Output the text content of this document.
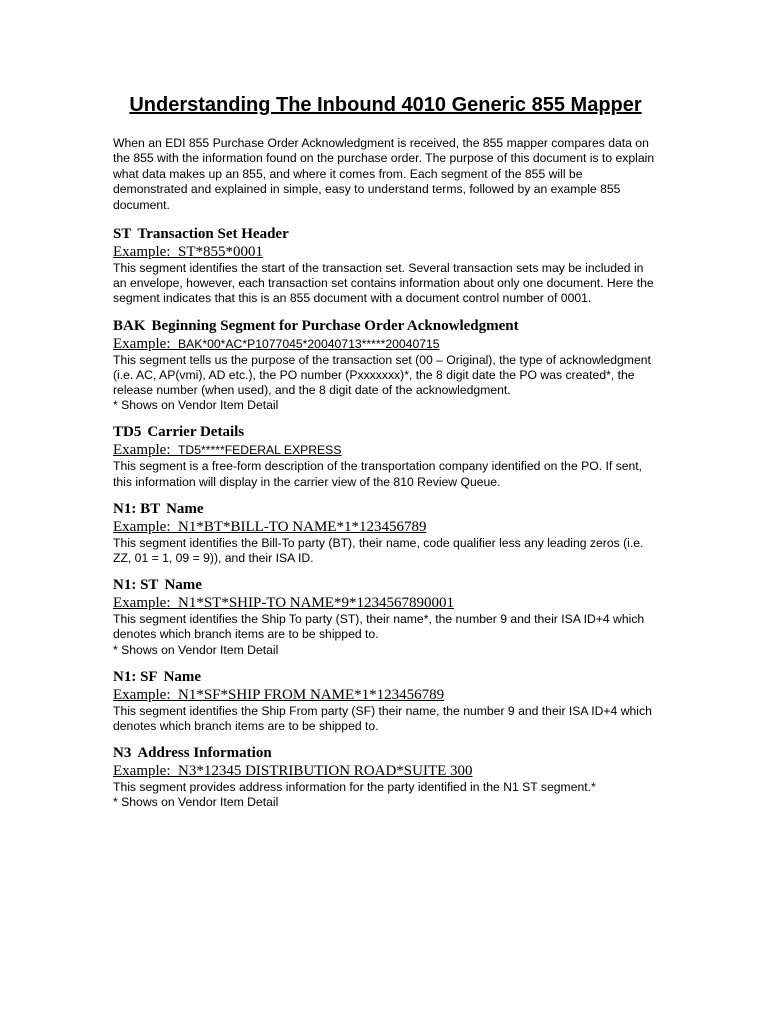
Understanding The Inbound 4010 Generic 855 Mapper

When an EDI 855 Purchase Order Acknowledgment is received, the 855 mapper compares data on the 855 with the information found on the purchase order. The purpose of this document is to explain what data makes up an 855, and where it comes from. Each segment of the 855 will be demonstrated and explained in simple, easy to understand terms, followed by an example 855 document.

ST Transaction Set Header
Example: ST*855*0001
This segment identifies the start of the transaction set. Several transaction sets may be included in an envelope, however, each transaction set contains information about only one document. Here the segment indicates that this is an 855 document with a document control number of 0001.
BAK Beginning Segment for Purchase Order Acknowledgment
Example: BAK*00*AC*P1077045*20040713*****20040715
This segment tells us the purpose of the transaction set (00 – Original), the type of acknowledgment (i.e. AC, AP(vmi), AD etc.), the PO number (Pxxxxxxx)*, the 8 digit date the PO was created*, the release number (when used), and the 8 digit date of the acknowledgment.
* Shows on Vendor Item Detail
TD5 Carrier Details
Example: TD5*****FEDERAL EXPRESS
This segment is a free-form description of the transportation company identified on the PO. If sent, this information will display in the carrier view of the 810 Review Queue.
N1: BT Name
Example: N1*BT*BILL-TO NAME*1*123456789
This segment identifies the Bill-To party (BT), their name, code qualifier less any leading zeros (i.e. ZZ, 01 = 1, 09 = 9)), and their ISA ID.
N1: ST Name
Example: N1*ST*SHIP-TO NAME*9*1234567890001
This segment identifies the Ship To party (ST), their name*, the number 9 and their ISA ID+4 which denotes which branch items are to be shipped to.
* Shows on Vendor Item Detail
N1: SF Name
Example: N1*SF*SHIP FROM NAME*1*123456789
This segment identifies the Ship From party (SF) their name, the number 9 and their ISA ID+4 which denotes which branch items are to be shipped to.
N3 Address Information
Example: N3*12345 DISTRIBUTION ROAD*SUITE 300
This segment provides address information for the party identified in the N1 ST segment.*
* Shows on Vendor Item Detail
